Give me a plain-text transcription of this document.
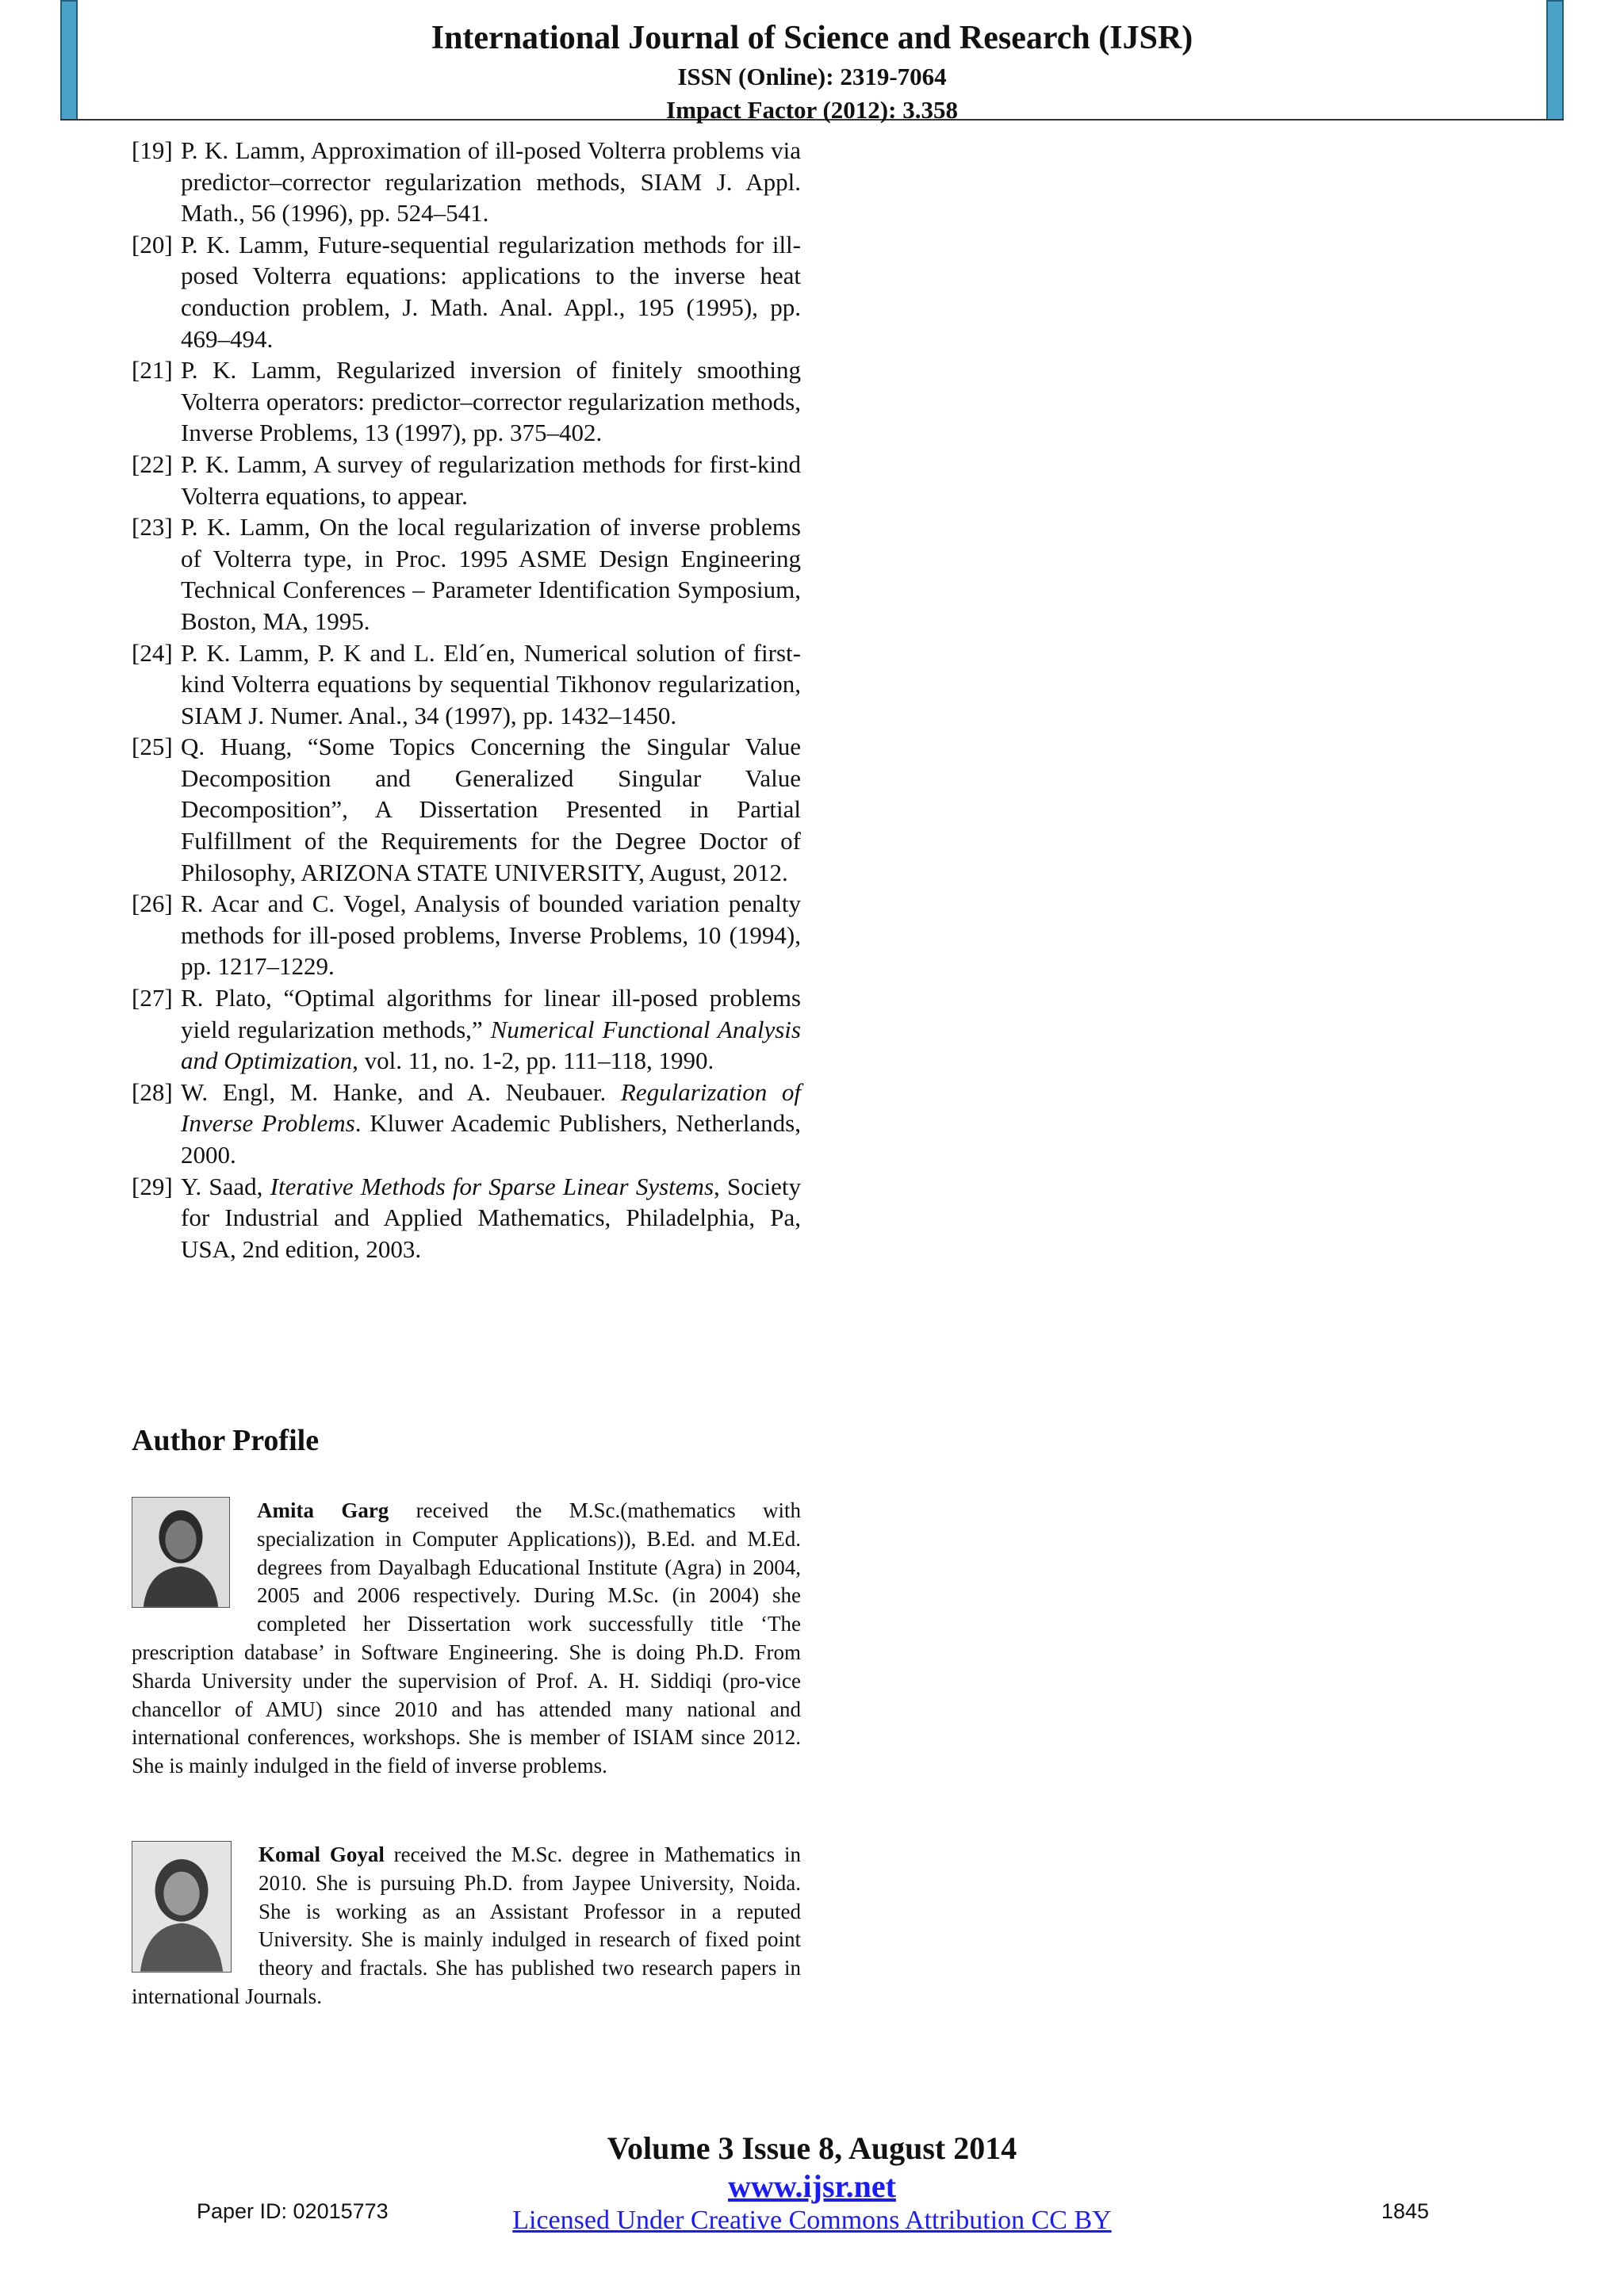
International Journal of Science and Research (IJSR)
ISSN (Online): 2319-7064
Impact Factor (2012): 3.358
[19] P. K. Lamm, Approximation of ill-posed Volterra problems via predictor–corrector regularization methods, SIAM J. Appl. Math., 56 (1996), pp. 524–541.
[20] P. K. Lamm, Future-sequential regularization methods for ill-posed Volterra equations: applications to the inverse heat conduction problem, J. Math. Anal. Appl., 195 (1995), pp. 469–494.
[21] P. K. Lamm, Regularized inversion of finitely smoothing Volterra operators: predictor–corrector regularization methods, Inverse Problems, 13 (1997), pp. 375–402.
[22] P. K. Lamm, A survey of regularization methods for first-kind Volterra equations, to appear.
[23] P. K. Lamm, On the local regularization of inverse problems of Volterra type, in Proc. 1995 ASME Design Engineering Technical Conferences – Parameter Identification Symposium, Boston, MA, 1995.
[24] P. K. Lamm, P. K and L. Eld´en, Numerical solution of first-kind Volterra equations by sequential Tikhonov regularization, SIAM J. Numer. Anal., 34 (1997), pp. 1432–1450.
[25] Q. Huang, “Some Topics Concerning the Singular Value Decomposition and Generalized Singular Value Decomposition”, A Dissertation Presented in Partial Fulfillment of the Requirements for the Degree Doctor of Philosophy, ARIZONA STATE UNIVERSITY, August, 2012.
[26] R. Acar and C. Vogel, Analysis of bounded variation penalty methods for ill-posed problems, Inverse Problems, 10 (1994), pp. 1217–1229.
[27] R. Plato, “Optimal algorithms for linear ill-posed problems yield regularization methods,” Numerical Functional Analysis and Optimization, vol. 11, no. 1-2, pp. 111–118, 1990.
[28] W. Engl, M. Hanke, and A. Neubauer. Regularization of Inverse Problems. Kluwer Academic Publishers, Netherlands, 2000.
[29] Y. Saad, Iterative Methods for Sparse Linear Systems, Society for Industrial and Applied Mathematics, Philadelphia, Pa, USA, 2nd edition, 2003.
Author Profile
Amita Garg received the M.Sc.(mathematics with specialization in Computer Applications)), B.Ed. and M.Ed. degrees from Dayalbagh Educational Institute (Agra) in 2004, 2005 and 2006 respectively. During M.Sc. (in 2004) she completed her Dissertation work successfully title ‘The prescription database’ in Software Engineering. She is doing Ph.D. From Sharda University under the supervision of Prof. A. H. Siddiqi (pro-vice chancellor of AMU) since 2010 and has attended many national and international conferences, workshops. She is member of ISIAM since 2012. She is mainly indulged in the field of inverse problems.
Komal Goyal received the M.Sc. degree in Mathematics in 2010. She is pursuing Ph.D. from Jaypee University, Noida. She is working as an Assistant Professor in a reputed University. She is mainly indulged in research of fixed point theory and fractals. She has published two research papers in international Journals.
Volume 3 Issue 8, August 2014
www.ijsr.net
Licensed Under Creative Commons Attribution CC BY
Paper ID: 02015773	1845
